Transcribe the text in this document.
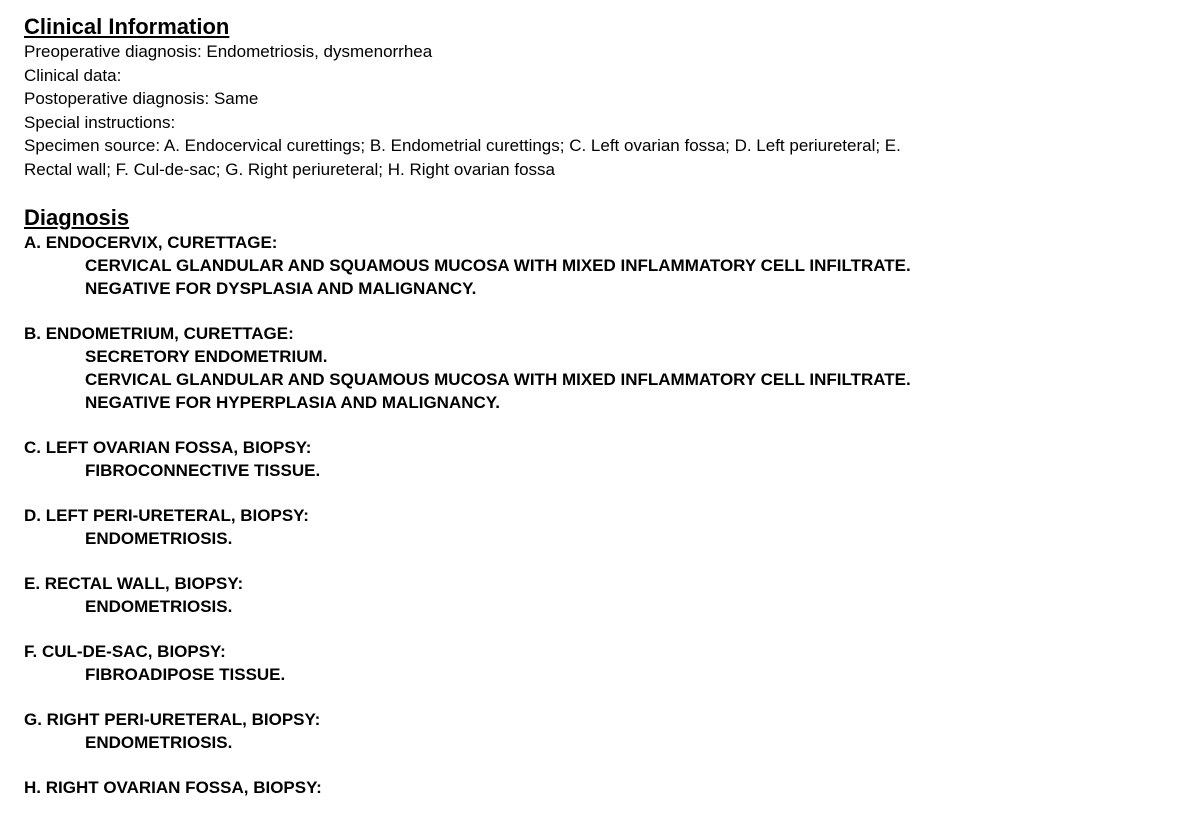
Clinical Information
Preoperative diagnosis: Endometriosis, dysmenorrhea
Clinical data:
Postoperative diagnosis: Same
Special instructions:
Specimen source: A. Endocervical curettings; B. Endometrial curettings; C. Left ovarian fossa; D. Left periureteral; E.
Rectal wall; F. Cul-de-sac; G. Right periureteral; H. Right ovarian fossa
Diagnosis
A. ENDOCERVIX, CURETTAGE:
CERVICAL GLANDULAR AND SQUAMOUS MUCOSA WITH MIXED INFLAMMATORY CELL INFILTRATE.
NEGATIVE FOR DYSPLASIA AND MALIGNANCY.
B. ENDOMETRIUM, CURETTAGE:
SECRETORY ENDOMETRIUM.
CERVICAL GLANDULAR AND SQUAMOUS MUCOSA WITH MIXED INFLAMMATORY CELL INFILTRATE.
NEGATIVE FOR HYPERPLASIA AND MALIGNANCY.
C. LEFT OVARIAN FOSSA, BIOPSY:
FIBROCONNECTIVE TISSUE.
D. LEFT PERI-URETERAL, BIOPSY:
ENDOMETRIOSIS.
E. RECTAL WALL, BIOPSY:
ENDOMETRIOSIS.
F. CUL-DE-SAC, BIOPSY:
FIBROADIPOSE TISSUE.
G. RIGHT PERI-URETERAL, BIOPSY:
ENDOMETRIOSIS.
H. RIGHT OVARIAN FOSSA, BIOPSY:
